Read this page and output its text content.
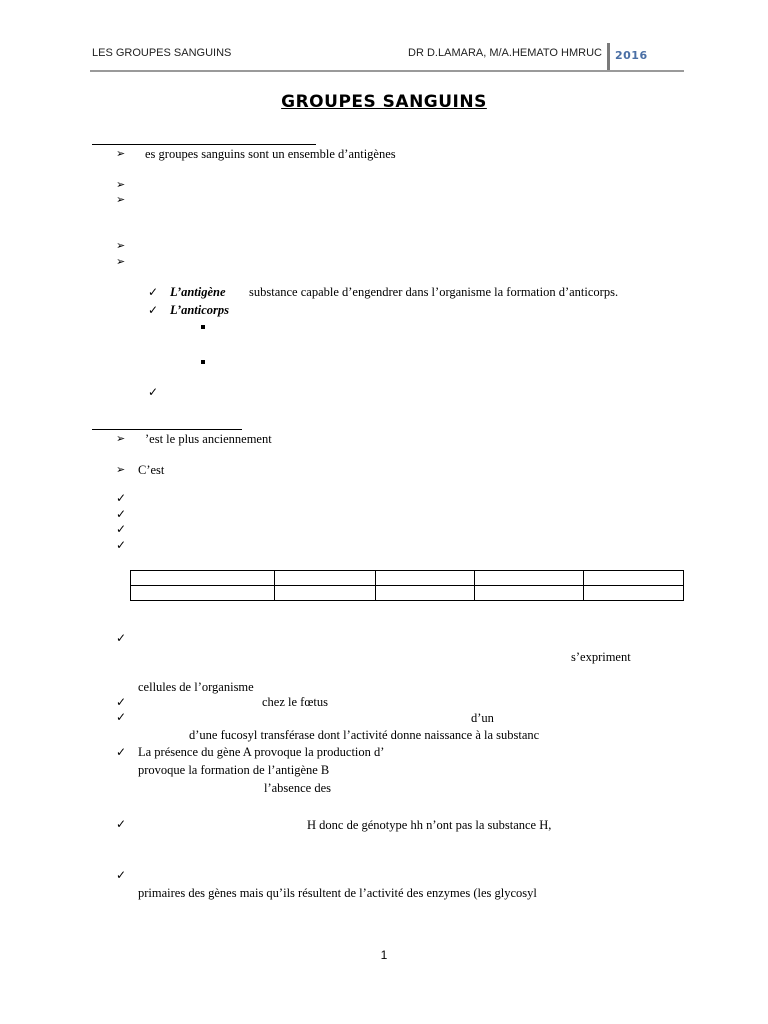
LES GROUPES SANGUINS	DR D.LAMARA, M/A.HEMATO HMRUC 2016
GROUPES SANGUINS
➢ es groupes sanguins sont un ensemble d’antigènes
➢
➢
➢
➢
✓ L’antigène substance capable d’engendrer dans l’organisme la formation d’anticorps.
✓ L’anticorps
✓
➢ ’est le plus anciennement
➢ C’est
✓
✓
✓
✓

✓
s’expriment
cellules de l’organisme
✓	chez le fœtus
✓	d’un
d’une fucosyl transférase dont l’activité donne naissance à la substanc
✓ La présence du gène A provoque la production d’
provoque la formation de l’antigène B
l’absence des
✓	H donc de génotype hh n’ont pas la substance H,
✓
primaires des gènes mais qu’ils résultent de l’activité des enzymes (les glycosyl
1
